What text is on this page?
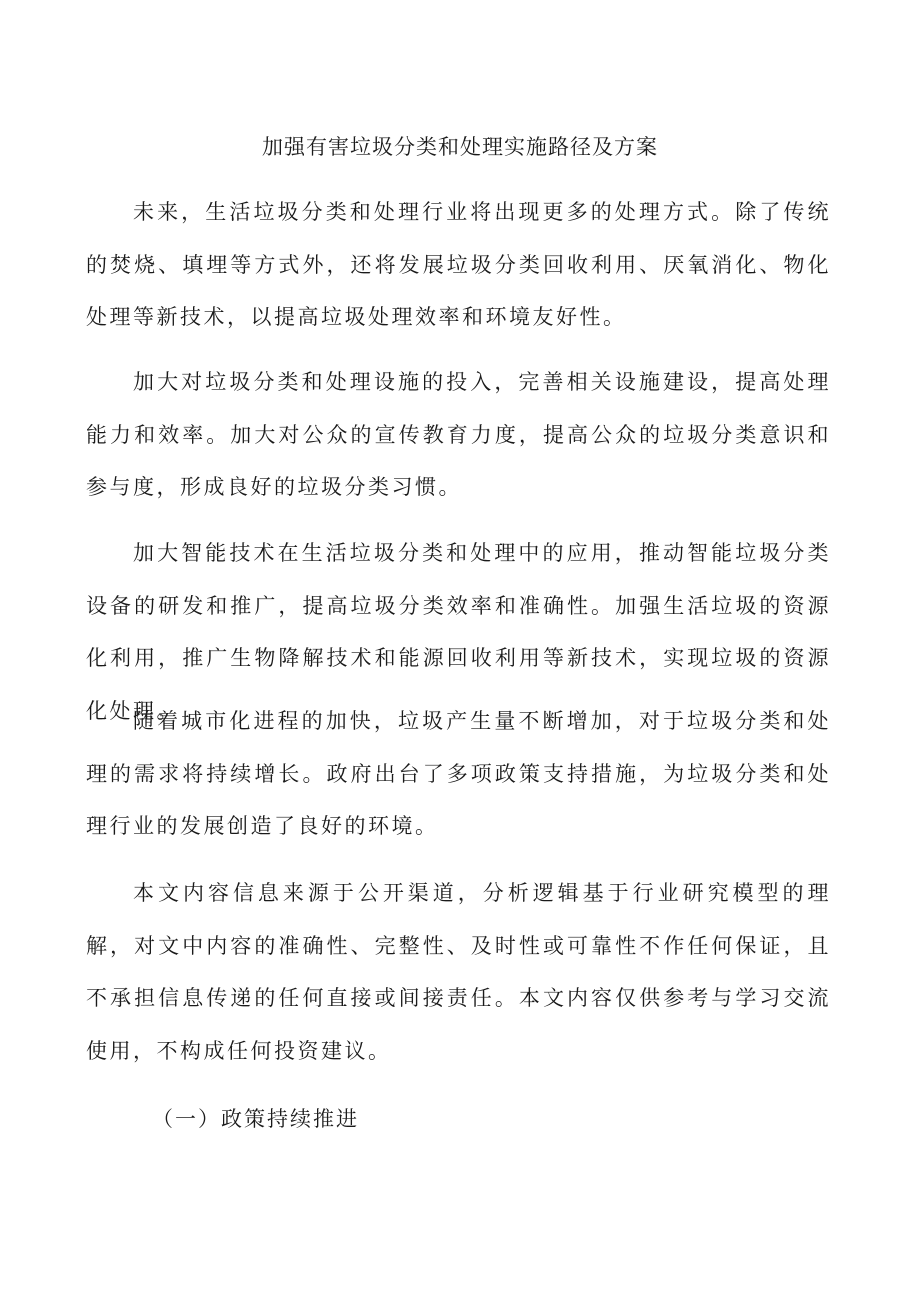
加强有害垃圾分类和处理实施路径及方案

未来，生活垃圾分类和处理行业将出现更多的处理方式。除了传统的焚烧、填埋等方式外，还将发展垃圾分类回收利用、厌氧消化、物化处理等新技术，以提高垃圾处理效率和环境友好性。

加大对垃圾分类和处理设施的投入，完善相关设施建设，提高处理能力和效率。加大对公众的宣传教育力度，提高公众的垃圾分类意识和参与度，形成良好的垃圾分类习惯。

加大智能技术在生活垃圾分类和处理中的应用，推动智能垃圾分类设备的研发和推广，提高垃圾分类效率和准确性。加强生活垃圾的资源化利用，推广生物降解技术和能源回收利用等新技术，实现垃圾的资源化处理。

随着城市化进程的加快，垃圾产生量不断增加，对于垃圾分类和处理的需求将持续增长。政府出台了多项政策支持措施，为垃圾分类和处理行业的发展创造了良好的环境。

本文内容信息来源于公开渠道，分析逻辑基于行业研究模型的理解，对文中内容的准确性、完整性、及时性或可靠性不作任何保证，且不承担信息传递的任何直接或间接责任。本文内容仅供参考与学习交流使用，不构成任何投资建议。

（一）政策持续推进
